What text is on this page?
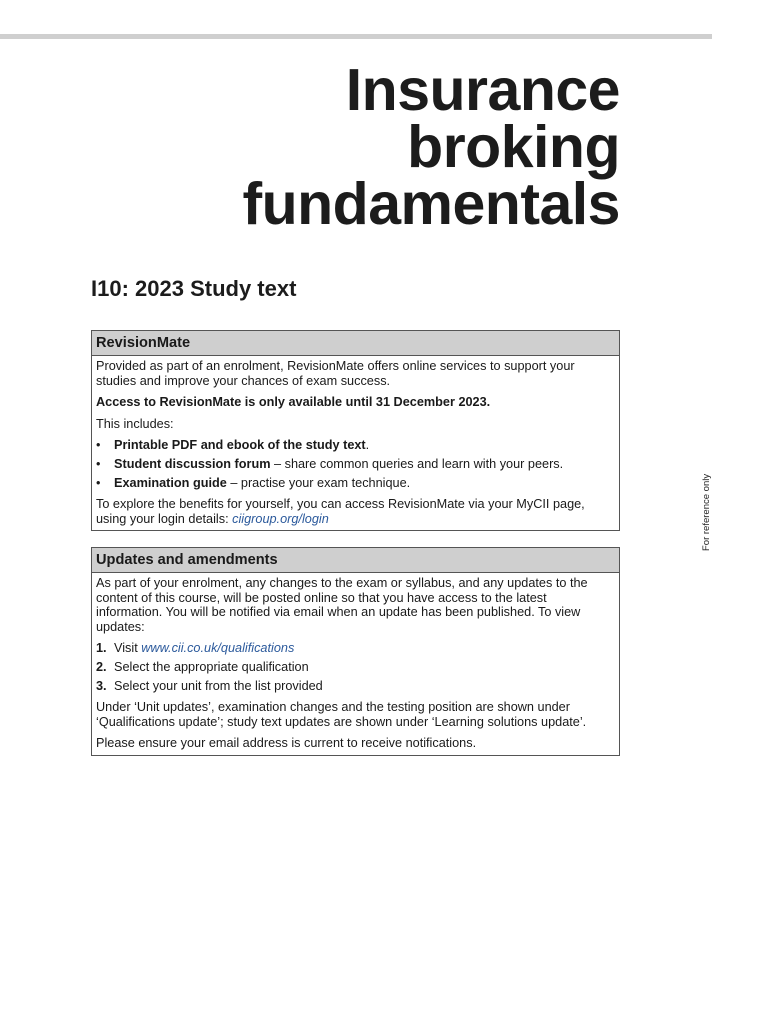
Insurance
broking
fundamentals
I10: 2023 Study text
RevisionMate

Provided as part of an enrolment, RevisionMate offers online services to support your studies and improve your chances of exam success.

Access to RevisionMate is only available until 31 December 2023.

This includes:

• Printable PDF and ebook of the study text.
• Student discussion forum – share common queries and learn with your peers.
• Examination guide – practise your exam technique.

To explore the benefits for yourself, you can access RevisionMate via your MyCII page, using your login details: ciigroup.org/login

Updates and amendments

As part of your enrolment, any changes to the exam or syllabus, and any updates to the content of this course, will be posted online so that you have access to the latest information. You will be notified via email when an update has been published. To view updates:

1. Visit www.cii.co.uk/qualifications
2. Select the appropriate qualification
3. Select your unit from the list provided

Under ‘Unit updates’, examination changes and the testing position are shown under ‘Qualifications update’; study text updates are shown under ‘Learning solutions update’.

Please ensure your email address is current to receive notifications.

For reference only
